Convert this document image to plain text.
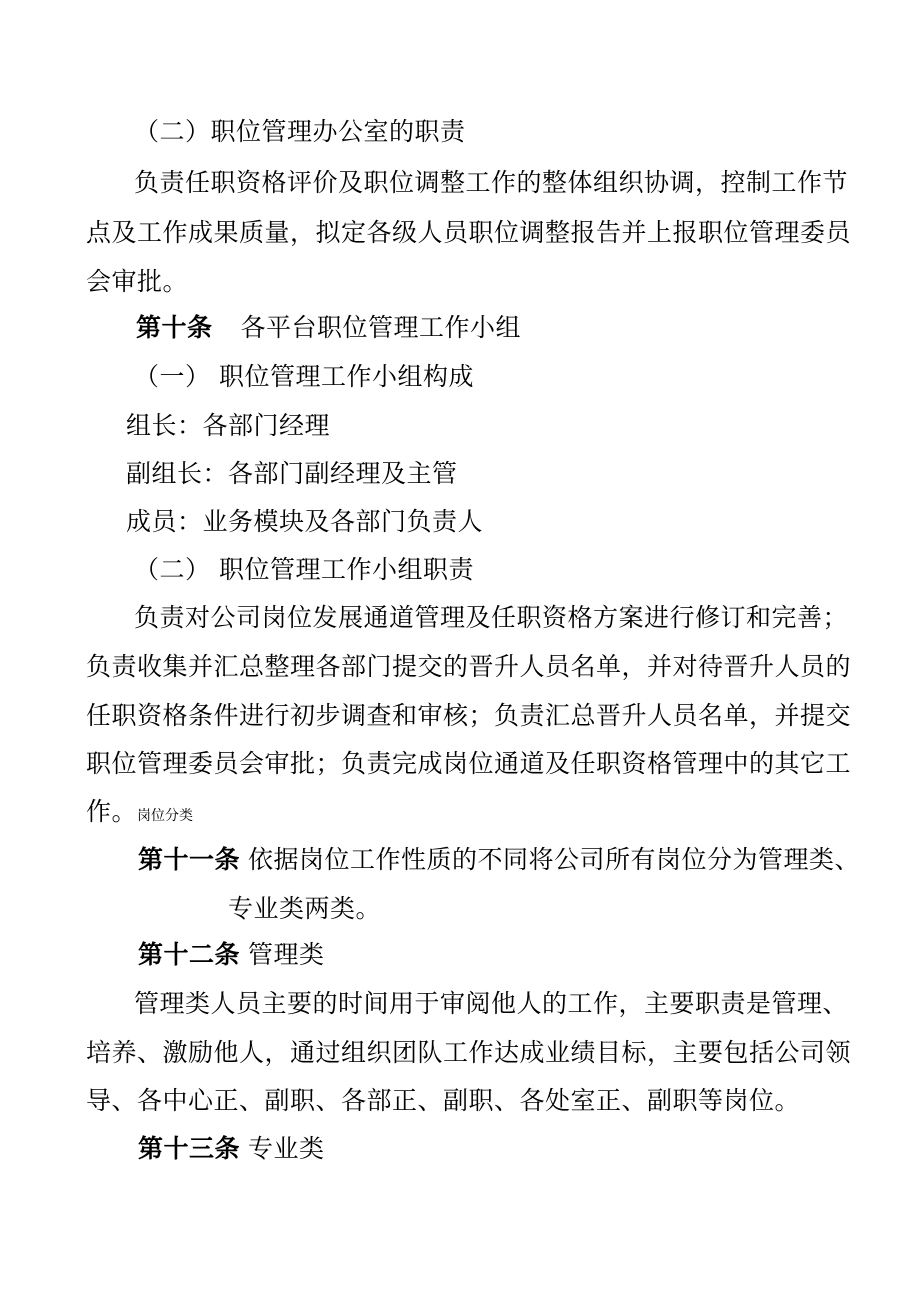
（二）职位管理办公室的职责
负责任职资格评价及职位调整工作的整体组织协调，控制工作节
点及工作成果质量，拟定各级人员职位调整报告并上报职位管理委员
会审批。
第十条 各平台职位管理工作小组
（一） 职位管理工作小组构成
组长：各部门经理
副组长：各部门副经理及主管
成员：业务模块及各部门负责人
（二） 职位管理工作小组职责
负责对公司岗位发展通道管理及任职资格方案进行修订和完善；
负责收集并汇总整理各部门提交的晋升人员名单，并对待晋升人员的
任职资格条件进行初步调查和审核；负责汇总晋升人员名单，并提交
职位管理委员会审批；负责完成岗位通道及任职资格管理中的其它工
作。岗位分类
第十一条 依据岗位工作性质的不同将公司所有岗位分为管理类、
专业类两类。
第十二条 管理类
管理类人员主要的时间用于审阅他人的工作，主要职责是管理、
培养、激励他人，通过组织团队工作达成业绩目标，主要包括公司领
导、各中心正、副职、各部正、副职、各处室正、副职等岗位。
第十三条 专业类
